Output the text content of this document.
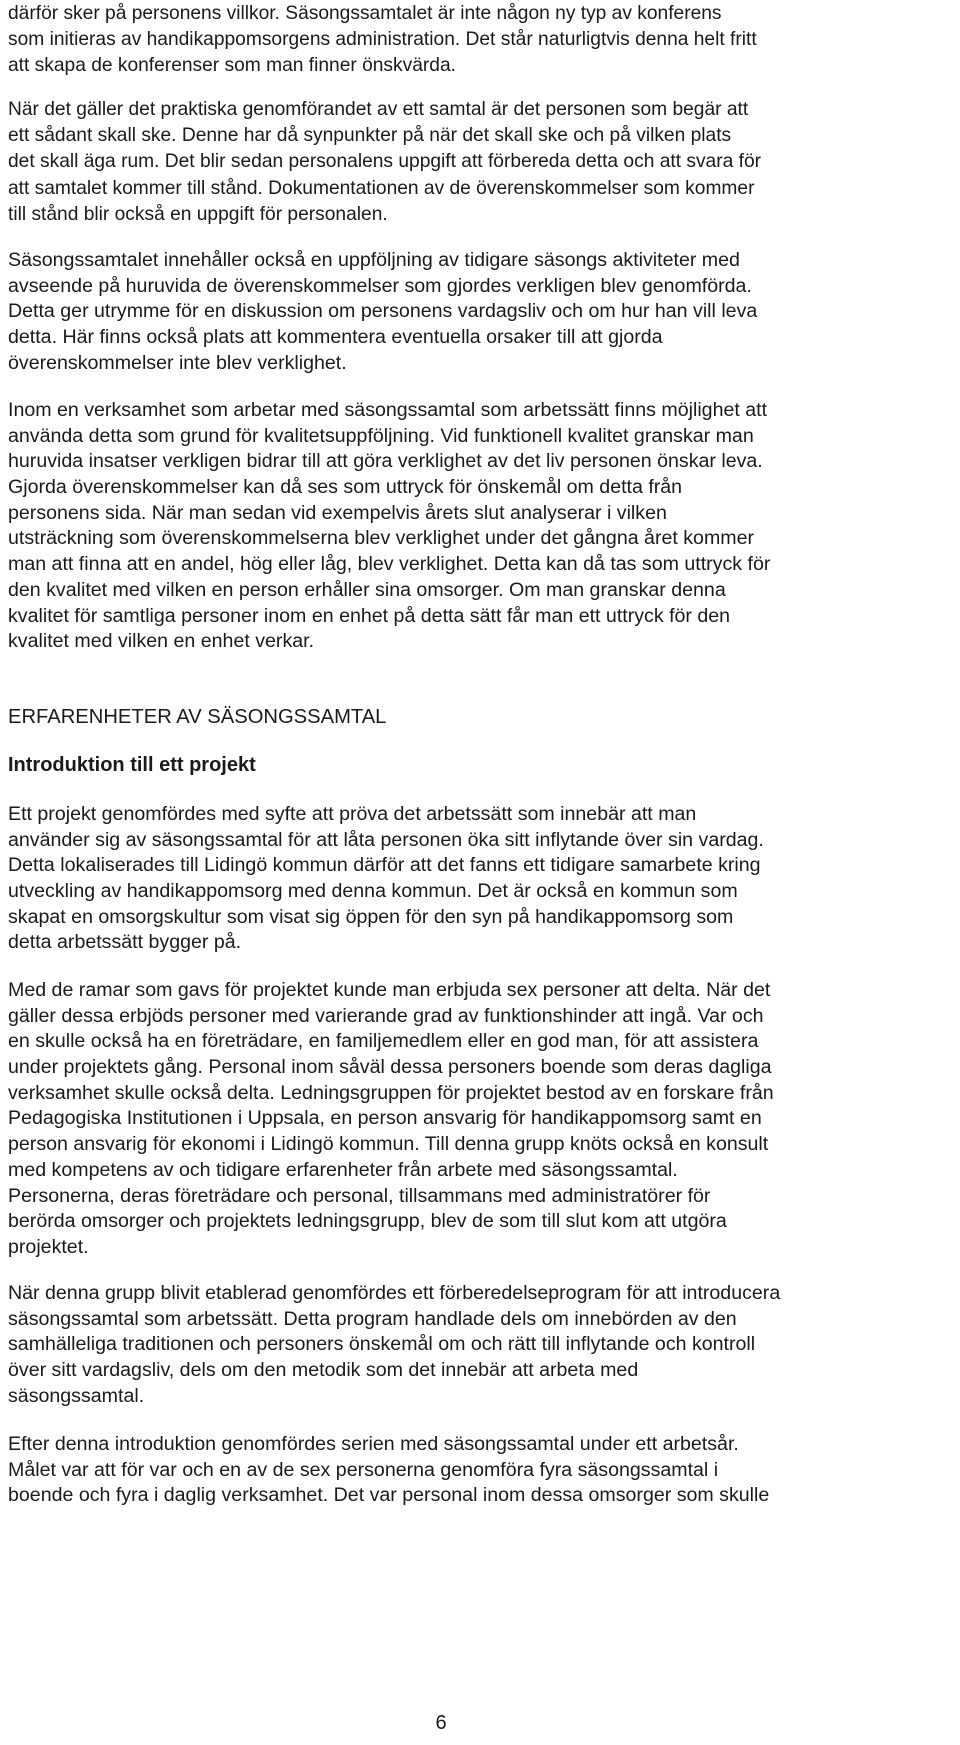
därför sker på personens villkor. Säsongssamtalet är inte någon ny typ av konferens
som initieras av handikappomsorgens administration. Det står naturligtvis denna helt fritt
att skapa de konferenser som man finner önskvärda.
När det gäller det praktiska genomförandet av ett samtal är det personen som begär att
ett sådant skall ske. Denne har då synpunkter på när det skall ske och på vilken plats
det skall äga rum. Det blir sedan personalens uppgift att förbereda detta och att svara för
att samtalet kommer till stånd. Dokumentationen av de överenskommelser som kommer
till stånd blir också en uppgift för personalen.
Säsongssamtalet innehåller också en uppföljning av tidigare säsongs aktiviteter med
avseende på huruvida de överenskommelser som gjordes verkligen blev genomförda.
Detta ger utrymme för en diskussion om personens vardagsliv och om hur han vill leva
detta. Här finns också plats att kommentera eventuella orsaker till att gjorda
överenskommelser inte blev verklighet.
Inom en verksamhet som arbetar med säsongssamtal som arbetssätt finns möjlighet att
använda detta som grund för kvalitetsuppföljning. Vid funktionell kvalitet granskar man
huruvida insatser verkligen bidrar till att göra verklighet av det liv personen önskar leva.
Gjorda överenskommelser kan då ses som uttryck för önskemål om detta från
personens sida. När man sedan vid exempelvis årets slut analyserar i vilken
utsträckning som överenskommelserna blev verklighet under det gångna året kommer
man att finna att en andel, hög eller låg, blev verklighet. Detta kan då tas som uttryck för
den kvalitet med vilken en person erhåller sina omsorger. Om man granskar denna
kvalitet för samtliga personer inom en enhet på detta sätt får man ett uttryck för den
kvalitet med vilken en enhet verkar.
ERFARENHETER AV SÄSONGSSAMTAL
Introduktion till ett projekt
Ett projekt genomfördes med syfte att pröva det arbetssätt som innebär att man
använder sig av säsongssamtal för att låta personen öka sitt inflytande över sin vardag.
Detta lokaliserades till Lidingö kommun därför att det fanns ett tidigare samarbete kring
utveckling av handikappomsorg med denna kommun. Det är också en kommun som
skapat en omsorgskultur som visat sig öppen för den syn på handikappomsorg som
detta arbetssätt bygger på.
Med de ramar som gavs för projektet kunde man erbjuda sex personer att delta. När det
gäller dessa erbjöds personer med varierande grad av funktionshinder att ingå. Var och
en skulle också ha en företrädare, en familjemedlem eller en god man, för att assistera
under projektets gång. Personal inom såväl dessa personers boende som deras dagliga
verksamhet skulle också delta. Ledningsgruppen för projektet bestod av en forskare från
Pedagogiska Institutionen i Uppsala, en person ansvarig för handikappomsorg samt en
person ansvarig för ekonomi i Lidingö kommun. Till denna grupp knöts också en konsult
med kompetens av och tidigare erfarenheter från arbete med säsongssamtal.
Personerna, deras företrädare och personal, tillsammans med administratörer för
berörda omsorger och projektets ledningsgrupp, blev de som till slut kom att utgöra
projektet.
När denna grupp blivit etablerad genomfördes ett förberedelseprogram för att introducera
säsongssamtal som arbetssätt. Detta program handlade dels om innebörden av den
samhälleliga traditionen och personers önskemål om och rätt till inflytande och kontroll
över sitt vardagsliv, dels om den metodik som det innebär att arbeta med
säsongssamtal.
Efter denna introduktion genomfördes serien med säsongssamtal under ett arbetsår.
Målet var att för var och en av de sex personerna genomföra fyra säsongssamtal i
boende och fyra i daglig verksamhet. Det var personal inom dessa omsorger som skulle
6
